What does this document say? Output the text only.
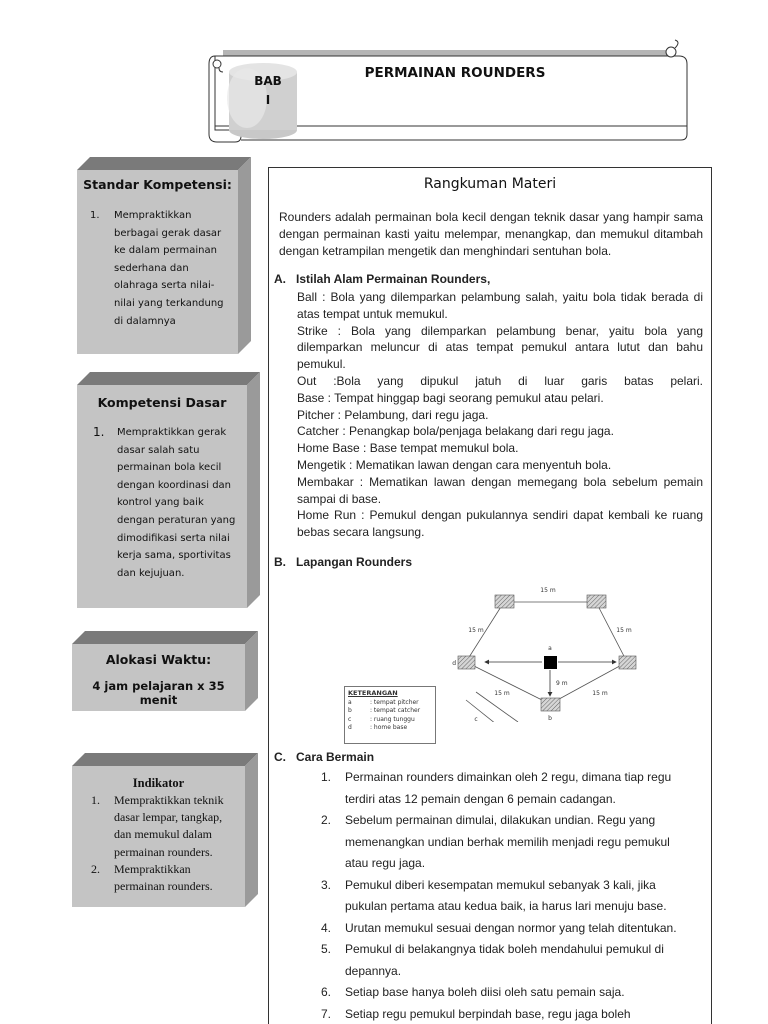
BAB
I
PERMAINAN ROUNDERS
Standar Kompetensi:
1. Mempraktikkan
berbagai gerak dasar
ke dalam permainan
sederhana dan
olahraga serta nilai-
nilai yang terkandung
di dalamnya
Kompetensi Dasar
1. Mempraktikkan gerak
dasar salah satu
permainan bola kecil
dengan koordinasi dan
kontrol yang baik
dengan peraturan yang
dimodifikasi serta nilai
kerja sama, sportivitas
dan kejujuan.
Alokasi Waktu:
4 jam pelajaran x 35 menit
Indikator
1. Mempraktikkan teknik
dasar lempar, tangkap,
dan memukul dalam
permainan rounders.
2. Mempraktikkan
permainan rounders.
Rangkuman Materi
Rounders adalah permainan bola kecil dengan teknik dasar yang hampir sama dengan permainan kasti yaitu melempar, menangkap, dan memukul ditambah dengan ketrampilan mengetik dan menghindari sentuhan bola.
A. Istilah Alam Permainan Rounders,

Ball : Bola yang dilemparkan pelambung salah, yaitu bola tidak berada di atas tempat untuk memukul.

Strike : Bola yang dilemparkan pelambung benar, yaitu bola yang dilemparkan meluncur di atas tempat pemukul antara lutut dan bahu pemukul.

Out :Bola yang dipukul jatuh di luar garis batas pelari.

Base : Tempat hinggap bagi seorang pemukul atau pelari.

Pitcher : Pelambung, dari regu jaga.

Catcher : Penangkap bola/penjaga belakang dari regu jaga.

Home Base : Base tempat memukul bola.

Mengetik : Mematikan lawan dengan cara menyentuh bola.

Membakar : Mematikan lawan dengan memegang bola sebelum pemain sampai di base.

Home Run : Pemukul dengan pukulannya sendiri dapat kembali ke ruang bebas secara langsung.

B. Lapangan Rounders
C. Cara Bermain
1. Permainan rounders dimainkan oleh 2 regu, dimana tiap regu
terdiri atas 12 pemain dengan 6 pemain cadangan.
2. Sebelum permainan dimulai, dilakukan undian. Regu yang
memenangkan undian berhak memilih menjadi regu pemukul
atau regu jaga.
3. Pemukul diberi kesempatan memukul sebanyak 3 kali, jika
pukulan pertama atau kedua baik, ia harus lari menuju base.
4. Urutan memukul sesuai dengan normor yang telah ditentukan.
5. Pemukul di belakangnya tidak boleh mendahului pemukul di
depannya.
6. Setiap base hanya boleh diisi oleh satu pemain saja.
7. Setiap regu pemukul berpindah base, regu jaga boleh
15 m
15 m	15 m
15 m	15 m
9 m
a
d
b
c
KETERANGAN
a	: tempat pitcher
b	: tempat catcher
c	: ruang tunggu
d	: home base
